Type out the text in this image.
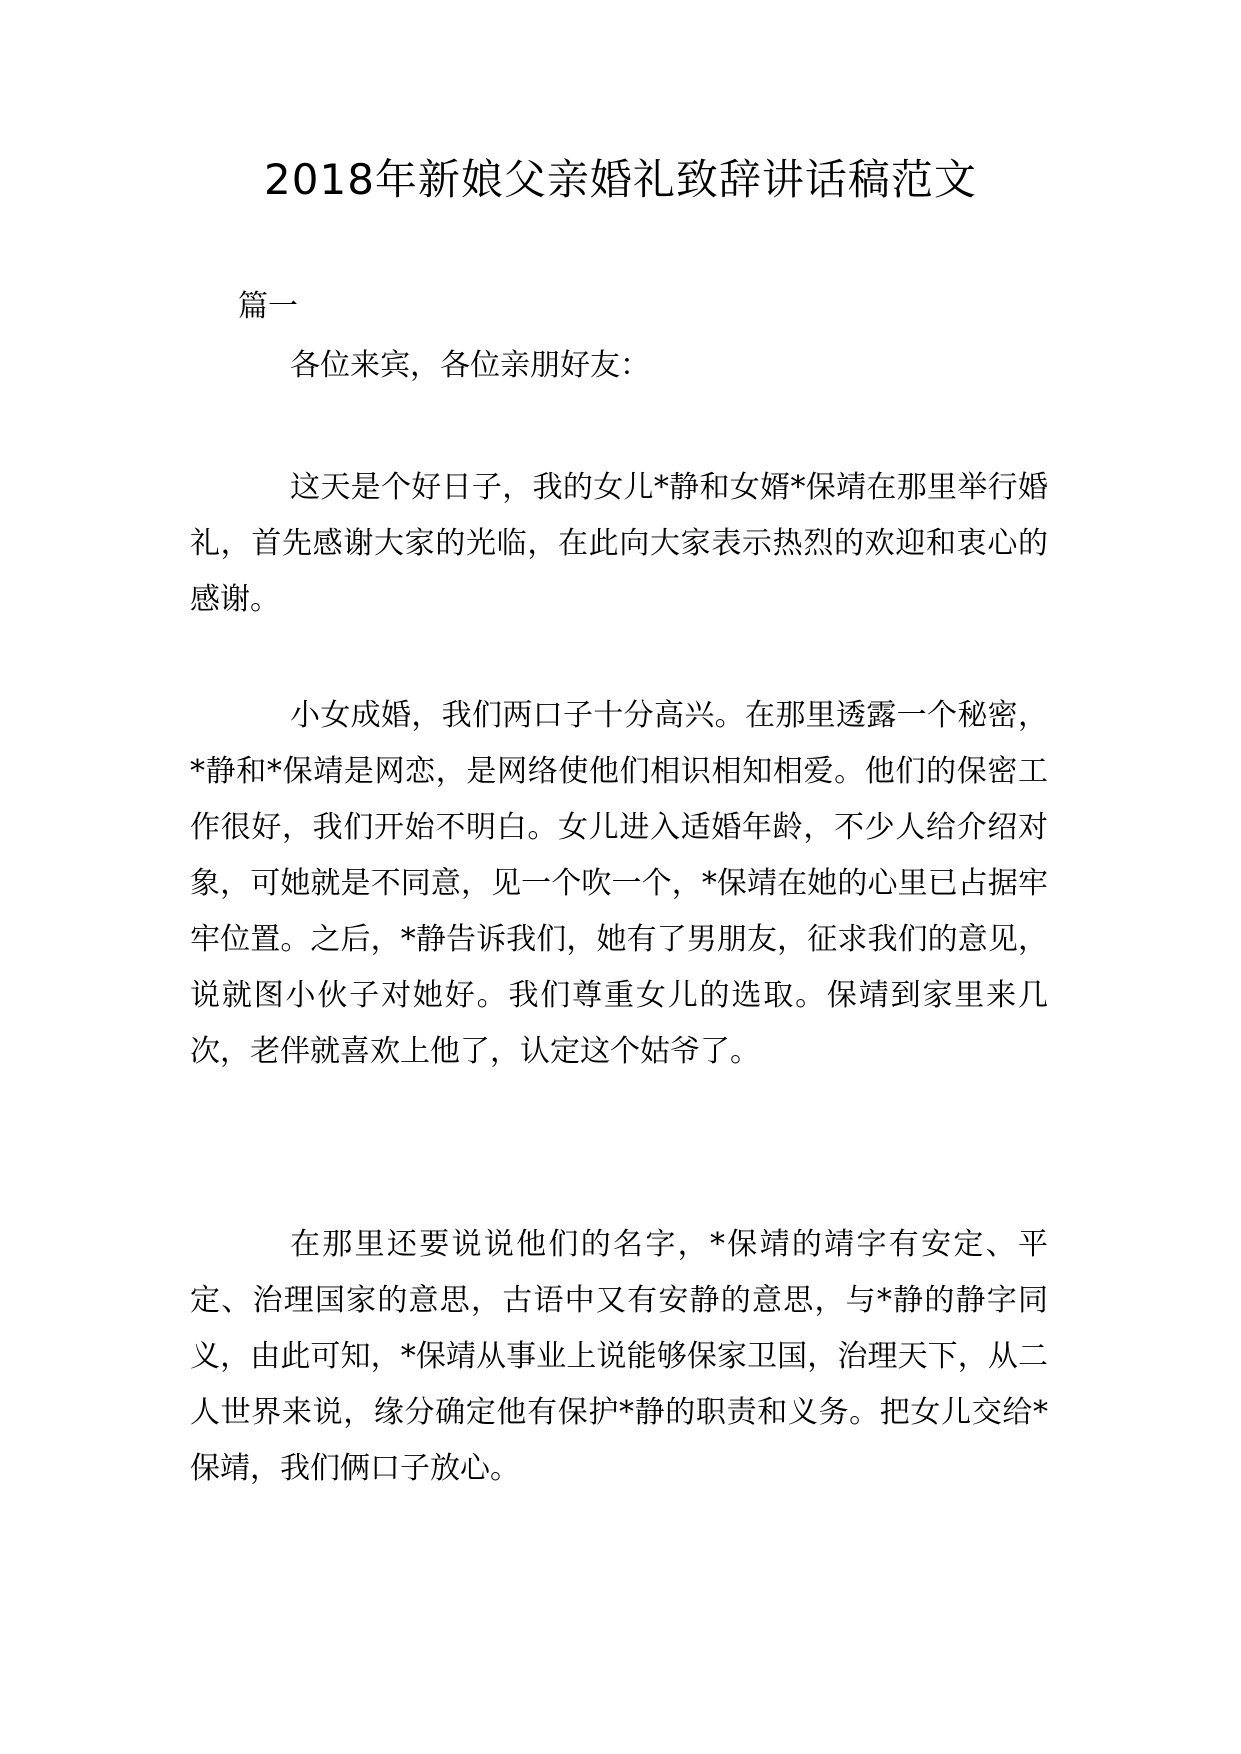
2018年新娘父亲婚礼致辞讲话稿范文

篇一

各位来宾，各位亲朋好友：

这天是个好日子，我的女儿*静和女婿*保靖在那里举行婚礼，首先感谢大家的光临，在此向大家表示热烈的欢迎和衷心的感谢。

小女成婚，我们两口子十分高兴。在那里透露一个秘密，*静和*保靖是网恋，是网络使他们相识相知相爱。他们的保密工作很好，我们开始不明白。女儿进入适婚年龄，不少人给介绍对象，可她就是不同意，见一个吹一个，*保靖在她的心里已占据牢牢位置。之后，*静告诉我们，她有了男朋友，征求我们的意见，说就图小伙子对她好。我们尊重女儿的选取。保靖到家里来几次，老伴就喜欢上他了，认定这个姑爷了。

在那里还要说说他们的名字，*保靖的靖字有安定、平定、治理国家的意思，古语中又有安静的意思，与*静的静字同义，由此可知，*保靖从事业上说能够保家卫国，治理天下，从二人世界来说，缘分确定他有保护*静的职责和义务。把女儿交给*保靖，我们俩口子放心。
